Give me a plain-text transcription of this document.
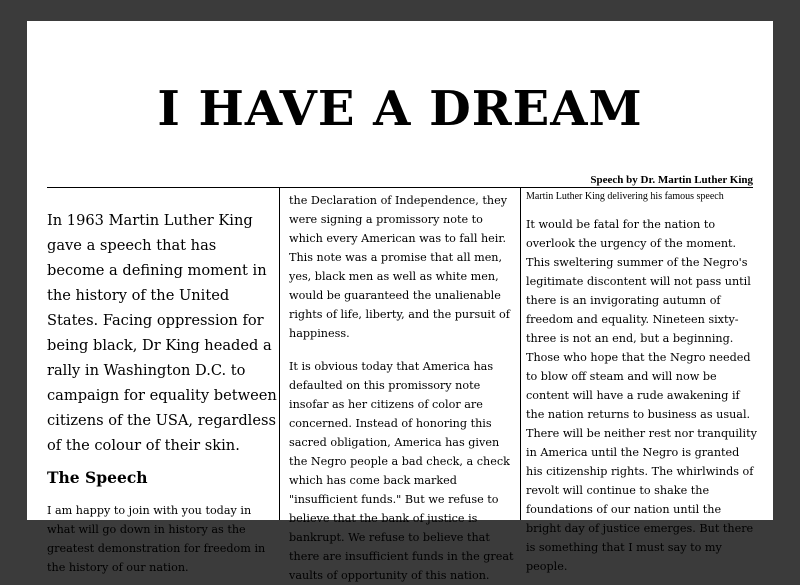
I HAVE A DREAM
Speech by Dr. Martin Luther King

In 1963 Martin Luther King gave a speech that has become a defining moment in the history of the United States. Facing oppression for being black, Dr King headed a rally in Washington D.C. to campaign for equality between citizens of the USA, regardless of the colour of their skin.

The Speech

I am happy to join with you today in what will go down in history as the greatest demonstration for freedom in the history of our nation.

the Declaration of Independence, they were signing a promissory note to which every American was to fall heir. This note was a promise that all men, yes, black men as well as white men, would be guaranteed the unalienable rights of life, liberty, and the pursuit of happiness.

It is obvious today that America has defaulted on this promissory note insofar as her citizens of color are concerned. Instead of honoring this sacred obligation, America has given the Negro people a bad check, a check which has come back marked "insufficient funds." But we refuse to believe that the bank of justice is bankrupt. We refuse to believe that there are insufficient funds in the great vaults of opportunity of this nation.

Martin Luther King delivering his famous speech

It would be fatal for the nation to overlook the urgency of the moment. This sweltering summer of the Negro's legitimate discontent will not pass until there is an invigorating autumn of freedom and equality. Nineteen sixty-three is not an end, but a beginning. Those who hope that the Negro needed to blow off steam and will now be content will have a rude awakening if the nation returns to business as usual. There will be neither rest nor tranquility in America until the Negro is granted his citizenship rights. The whirlwinds of revolt will continue to shake the foundations of our nation until the bright day of justice emerges. But there is something that I must say to my people.
